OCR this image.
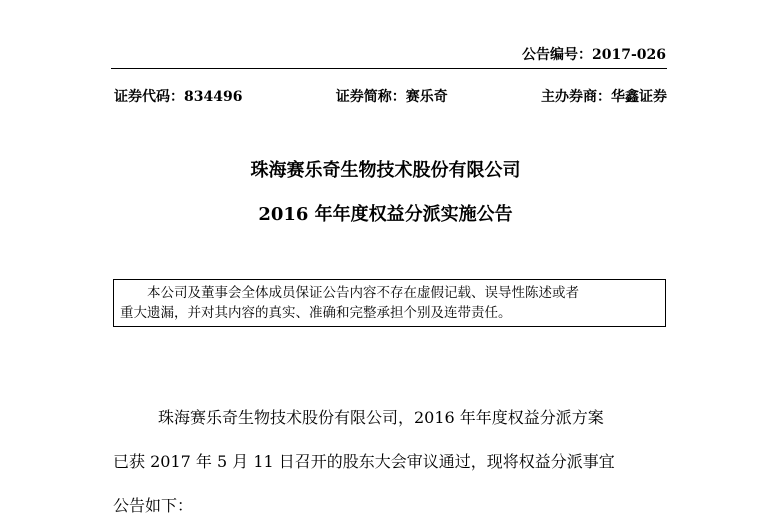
公告编号：2017-026
证券代码：834496	证券简称：赛乐奇	主办券商：华鑫证券
珠海赛乐奇生物技术股份有限公司
2016 年年度权益分派实施公告
本公司及董事会全体成员保证公告内容不存在虚假记载、误导性陈述或者
重大遗漏，并对其内容的真实、准确和完整承担个别及连带责任。

珠海赛乐奇生物技术股份有限公司，2016 年年度权益分派方案

已获 2017 年 5 月 11 日召开的股东大会审议通过，现将权益分派事宜

公告如下：
